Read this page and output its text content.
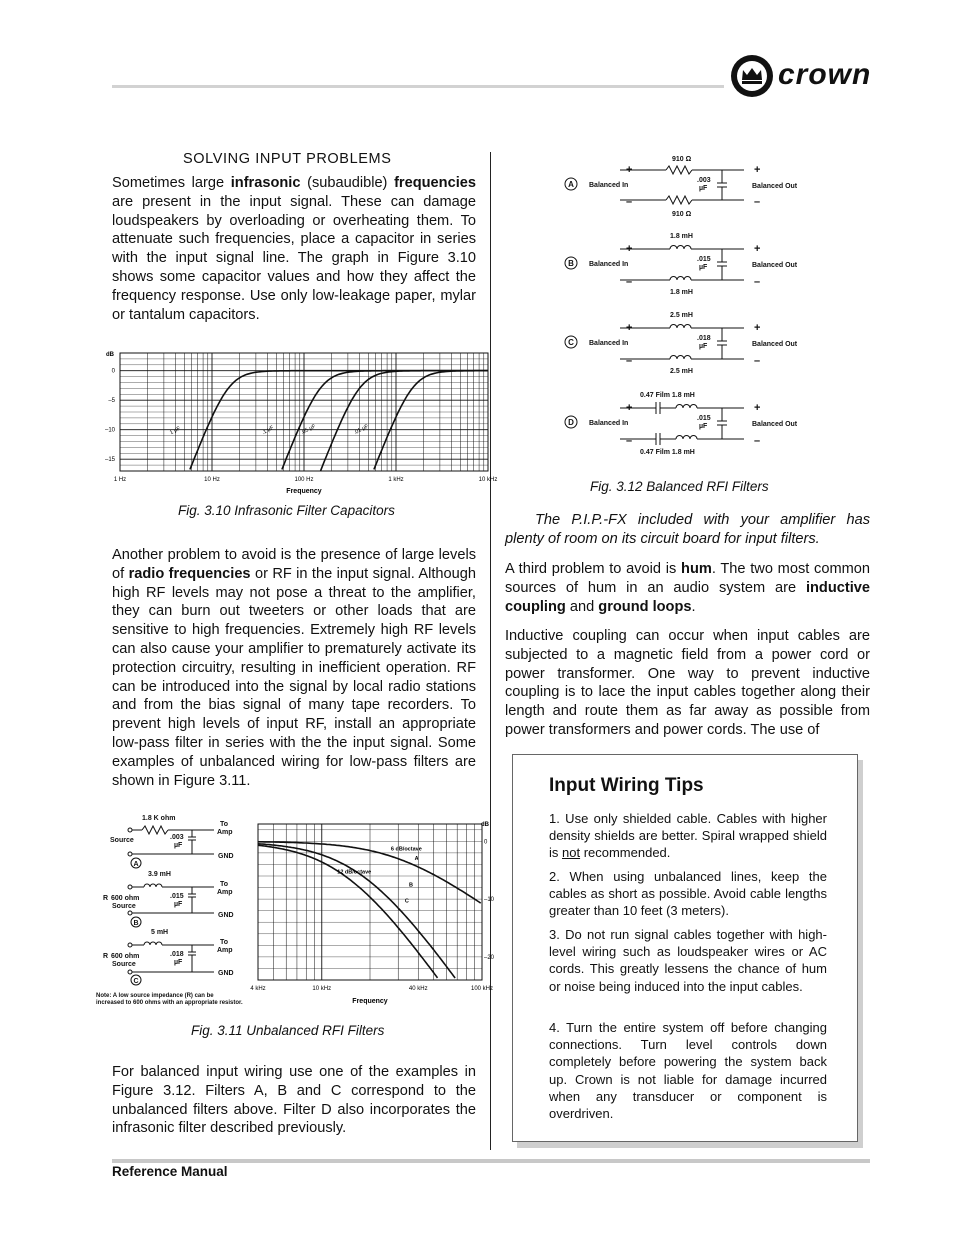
crown
SOLVING INPUT PROBLEMS
Sometimes large infrasonic (subaudible) frequencies are present in the input signal. These can damage loudspeakers by overloading or overheating them. To attenuate such frequencies, place a capacitor in series with the input signal line. The graph in Figure 3.10 shows some capacitor values and how they affect the frequency response. Use only low-leakage paper, mylar or tantalum capacitors.
0
–5
–10
–15
dB
1 Hz	10 Hz	100 Hz	1 kHz	10 kHz
Frequency
1 µF	.1 µF	.05 µF	.01 µF
Fig. 3.10 Infrasonic Filter Capacitors
Another problem to avoid is the presence of large levels of radio frequencies or RF in the input signal. Although high RF levels may not pose a threat to the amplifier, they can burn out tweeters or other loads that are sensitive to high frequencies. Extremely high RF levels can also cause your amplifier to prematurely activate its protection circuitry, resulting in inefficient operation. RF can be introduced into the signal by local radio stations and from the bias signal of many tape recorders. To prevent high levels of input RF, install an appropriate low-pass filter in series with the the input signal. Some examples of unbalanced wiring for low-pass filters are shown in Figure 3.11.
1.8 K ohm
Source
To
Amp
GND
.003
µF
3.9 mH
R 600 ohm
Source
To
Amp
GND
.015
µF
5 mH
R 600 ohm
Source
To
Amp
GND
.018
µF
Note: A low source impedance (R) can be
increased to 600 ohms with an appropriate resistor.
A
B
C
0
–10
–20
dB
4 kHz	10 kHz	40 kHz	100 kHz
Frequency
A
B
C
6 dB/octave
12 dB/octave
Fig. 3.11 Unbalanced RFI Filters
For balanced input wiring use one of the examples in Figure 3.12. Filters A, B and C correspond to the unbalanced filters above. Filter D also incorporates the infrasonic filter described previously.
910 Ω
910 Ω
.003
µF
Balanced In	Balanced Out
+
–
+
–
1.8 mH
1.8 mH
.015
µF
Balanced In	Balanced Out
+
–
+
–
2.5 mH
2.5 mH
.018
µF
Balanced In	Balanced Out
+
–
+
–
0.47 Film 1.8 mH
0.47 Film 1.8 mH
.015
µF
Balanced In	Balanced Out
+
–
+
–
A
B
C
D
Fig. 3.12 Balanced RFI Filters
The P.I.P.-FX included with your amplifier has plenty of room on its circuit board for input filters.
A third problem to avoid is hum. The two most common sources of hum in an audio system are inductive coupling and ground loops.
Inductive coupling can occur when input cables are subjected to a magnetic field from a power cord or power transformer. One way to prevent inductive coupling is to lace the input cables together along their length and route them as far away as possible from power transformers and power cords. The use of
Input Wiring Tips
1. Use only shielded cable. Cables with higher density shields are better. Spiral wrapped shield is not recommended.
2. When using unbalanced lines, keep the cables as short as possible. Avoid cable lengths greater than 10 feet (3 meters).
3. Do not run signal cables together with high-level wiring such as loudspeaker wires or AC cords. This greatly lessens the chance of hum or noise being induced into the input cables.
4. Turn the entire system off before changing connections. Turn level controls down completely before powering the system back up. Crown is not liable for damage incurred when any transducer or component is overdriven.
Reference Manual
